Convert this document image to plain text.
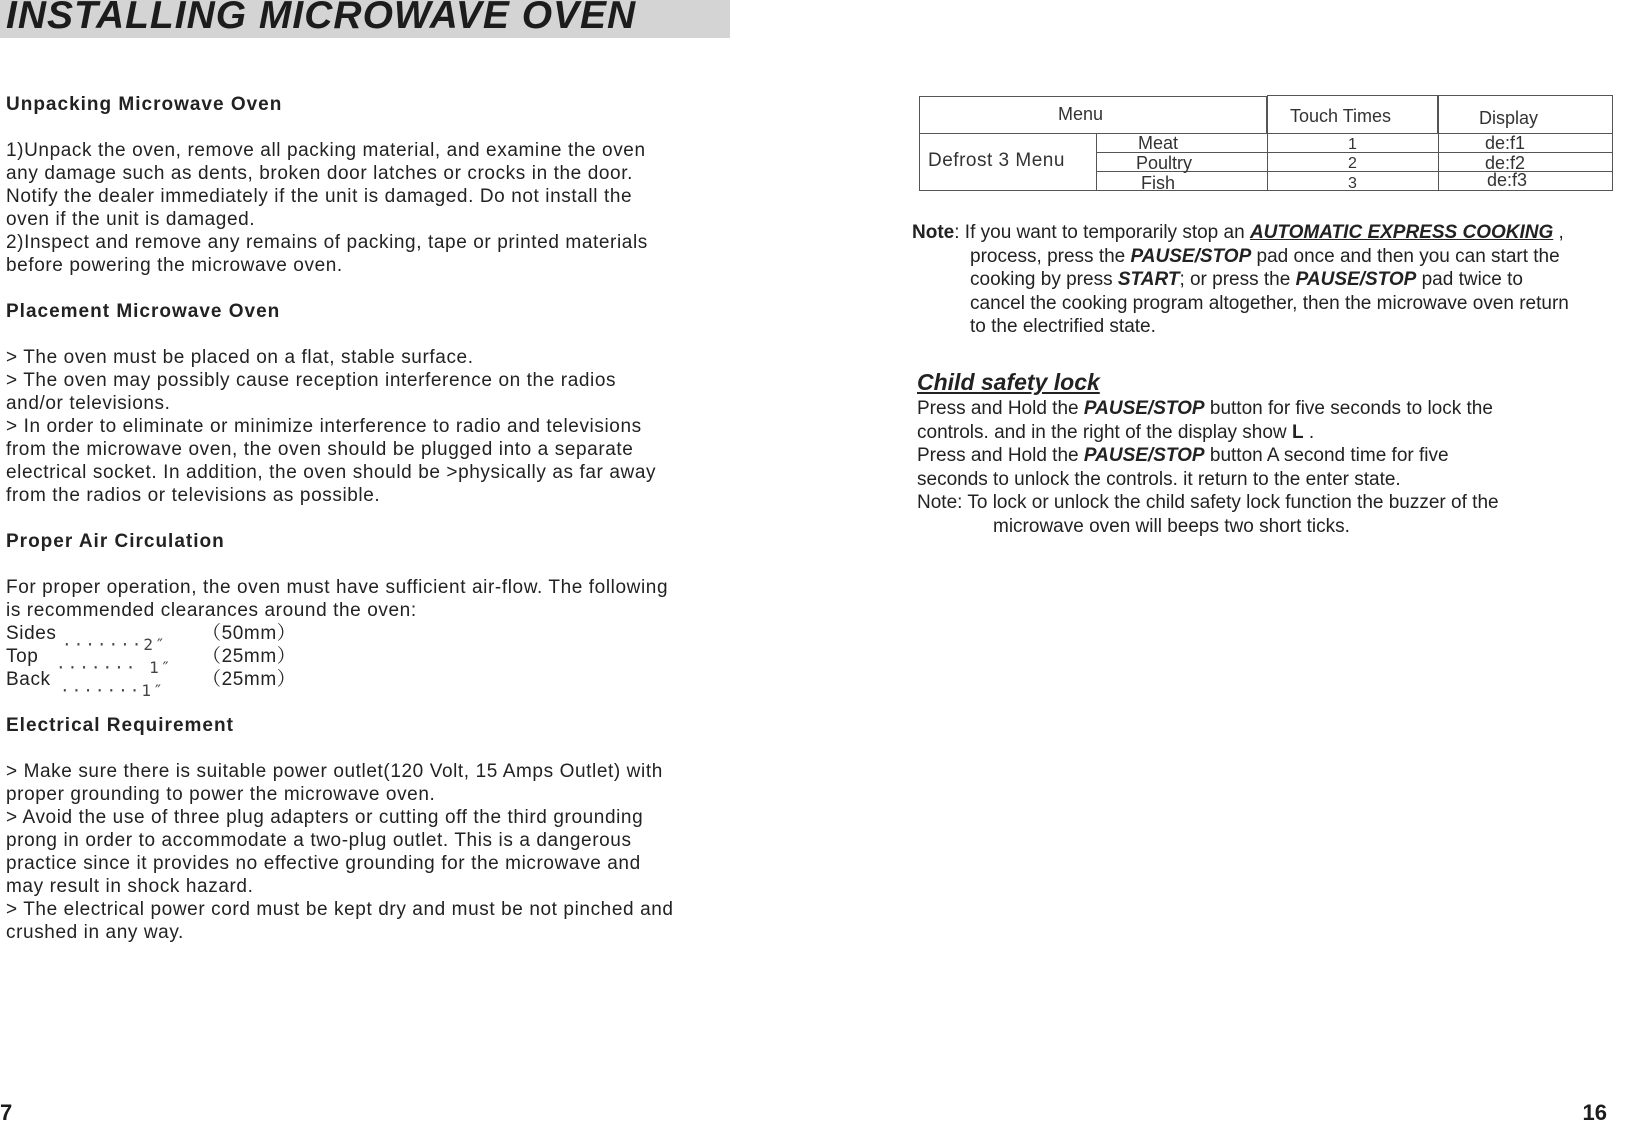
INSTALLING MICROWAVE OVEN
Unpacking Microwave Oven

1)Unpack the oven, remove all packing material, and examine the oven

any damage such as dents, broken door latches or crocks in the door.

Notify the dealer immediately if the unit is damaged. Do not install the

oven if the unit is damaged.

2)Inspect and remove any remains of packing, tape or printed materials

before powering the microwave oven.

Placement Microwave Oven

> The oven must be placed on a flat, stable surface.

> The oven may possibly cause reception interference on the radios

and/or televisions.

> In order to eliminate or minimize interference to radio and televisions

from the microwave oven, the oven should be plugged into a separate

electrical socket. In addition, the oven should be >physically as far away

from the radios or televisions as possible.

Proper Air Circulation

For proper operation, the oven must have sufficient air-flow. The following

is recommended clearances around the oven:

Sides
Top
Back
·······2″
······· 1″
·······1″
（50mm）
（25mm）
（25mm）
Electrical Requirement

> Make sure there is suitable power outlet(120 Volt, 15 Amps Outlet) with

proper grounding to power the microwave oven.

> Avoid the use of three plug adapters or cutting off the third grounding

prong in order to accommodate a two-plug outlet. This is a dangerous

practice since it provides no effective grounding for the microwave and

may result in shock hazard.

> The electrical power cord must be kept dry and must be not pinched and

crushed in any way.

7
Menu	Touch Times	Display
Defrost 3 Menu
Meat
Poultry
Fish
1
2
3
de:f1
de:f2
de:f3
Note: If you want to temporarily stop an AUTOMATIC EXPRESS COOKING ,
process, press the PAUSE/STOP pad once and then you can start the
cooking by press START; or press the PAUSE/STOP pad twice to
cancel the cooking program altogether, then the microwave oven return
to the electrified state.
Child safety lock

Press and Hold the PAUSE/STOP button for five seconds to lock the

controls. and in the right of the display show L .

Press and Hold the PAUSE/STOP button A second time for five

seconds to unlock the controls. it return to the enter state.

Note: To lock or unlock the child safety lock function the buzzer of the

microwave oven will beeps two short ticks.

16
